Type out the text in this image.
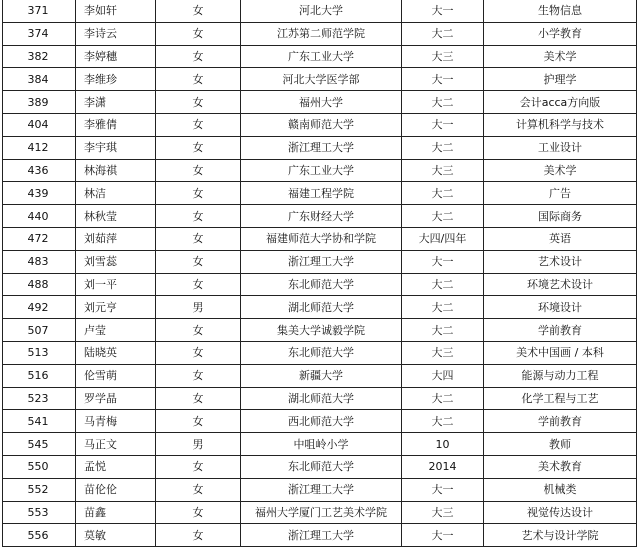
371	李如轩	女	河北大学	大一	生物信息
374	李诗云	女	江苏第二师范学院	大二	小学教育
382	李婷穗	女	广东工业大学	大三	美术学
384	李维珍	女	河北大学医学部	大一	护理学
389	李潇	女	福州大学	大二	会计acca方向版
404	李雅倩	女	赣南师范大学	大一	计算机科学与技术
412	李宇琪	女	浙江理工大学	大二	工业设计
436	林海祺	女	广东工业大学	大三	美术学
439	林洁	女	福建工程学院	大二	广告
440	林秋莹	女	广东财经大学	大二	国际商务
472	刘茹萍	女	福建师范大学协和学院	大四/四年	英语
483	刘雪蕊	女	浙江理工大学	大一	艺术设计
488	刘一平	女	东北师范大学	大二	环境艺术设计
492	刘元亨	男	湖北师范大学	大二	环境设计
507	卢莹	女	集美大学诚毅学院	大二	学前教育
513	陆晓英	女	东北师范大学	大三	美术中国画 / 本科
516	伦雪萌	女	新疆大学	大四	能源与动力工程
523	罗学晶	女	湖北师范大学	大二	化学工程与工艺
541	马青梅	女	西北师范大学	大二	学前教育
545	马正文	男	中咀岭小学	10	教师
550	孟悦	女	东北师范大学	2014	美术教育
552	苗伦伦	女	浙江理工大学	大一	机械类
553	苗鑫	女	福州大学厦门工艺美术学院	大三	视觉传达设计
556	莫敏	女	浙江理工大学	大一	艺术与设计学院
